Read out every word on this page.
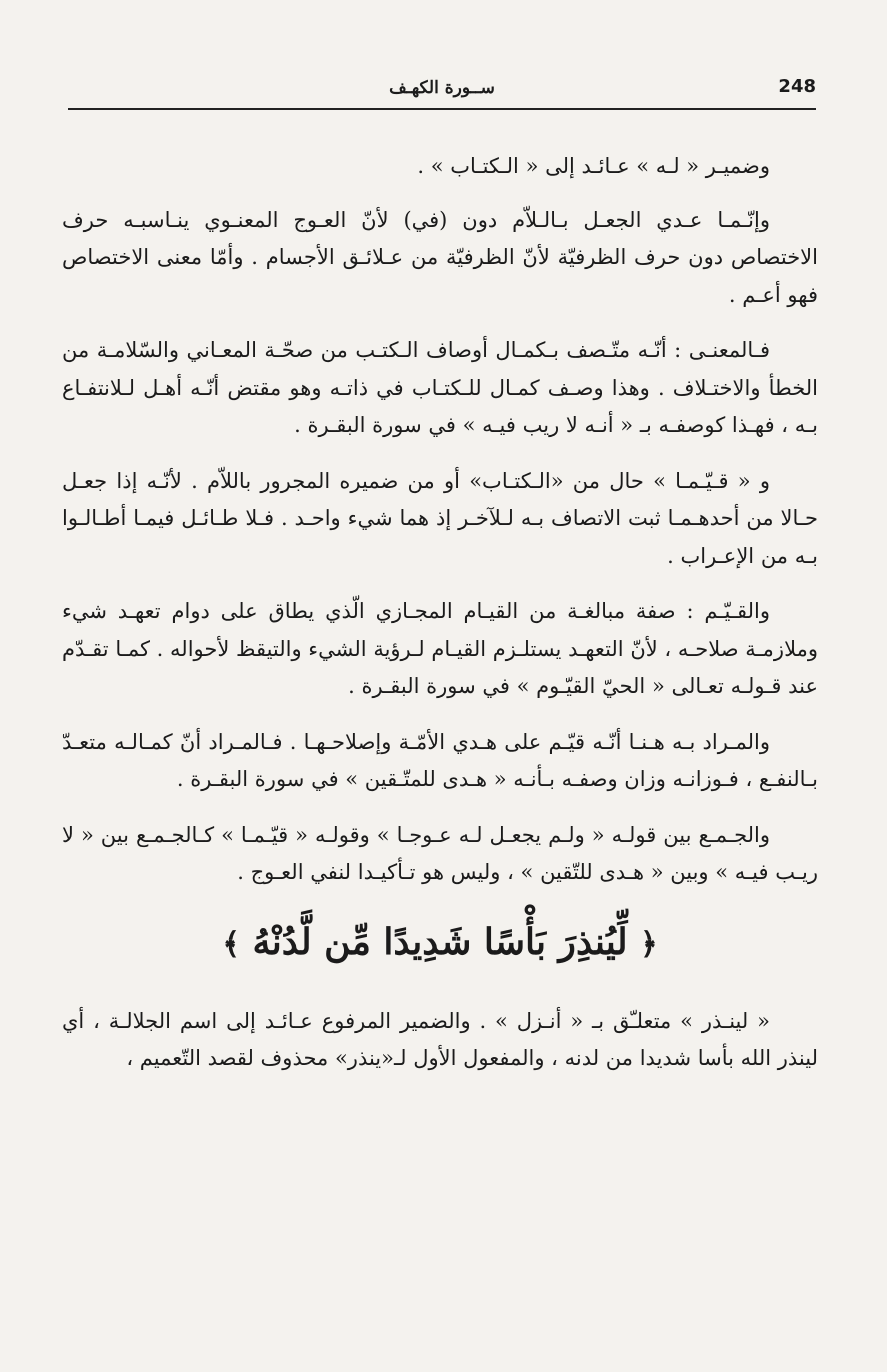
248
ســورة الكهـف

وضميـر « لـه » عـائـد إلى « الـكتـاب » .

وإنّـمـا عـدي الجعـل بـالـلاّم دون (في) لأنّ العـوج المعنـوي ينـاسبـه حرف الاختصاص دون حرف الظرفيّة لأنّ الظرفيّة من عـلائـق الأجسام . وأمّا معنى الاختصاص فهو أعـم .

فـالمعنـى : أنّـه متّـصف بـكمـال أوصاف الـكتـب من صحّـة المعـاني والسّلامـة من الخطأ والاختـلاف . وهذا وصـف كمـال للـكتـاب في ذاتـه وهو مقتض أنّـه أهـل لـلانتفـاع بـه ، فهـذا كوصفـه بـ « أنـه لا ريب فيـه » في سورة البقـرة .

و « قـيّـمـا » حال من «الـكتـاب» أو من ضميره المجرور باللاّم . لأنّـه إذا جعـل حـالا من أحدهـمـا ثبت الاتصاف بـه لـلآخـر إذ هما شيء واحـد . فـلا طـائـل فيمـا أطـالـوا بـه من الإعـراب .

والقـيّـم : صفة مبالغـة من القيـام المجـازي الّذي يطاق على دوام تعهـد شيء وملازمـة صلاحـه ، لأنّ التعهـد يستلـزم القيـام لـرؤية الشيء والتيقظ لأحواله . كمـا تقـدّم عند قـولـه تعـالى « الحيّ القيّـوم » في سورة البقـرة .

والمـراد بـه هـنـا أنّـه قيّـم على هـدي الأمّـة وإصلاحـهـا . فـالمـراد أنّ كمـالـه متعـدّ بـالنفـع ، فـوزانـه وزان وصفـه بـأنـه « هـدى للمتّـقين » في سورة البقـرة .

والجـمـع بين قولـه « ولـم يجعـل لـه عـوجـا » وقولـه « قيّـمـا » كـالجـمـع بين « لا ريـب فيـه » وبين « هـدى للتّقين » ، وليس هو تـأكيـدا لنفي العـوج .

﴿ لِّيُنذِرَ بَأْسًا شَدِيدًا مِّن لَّدُنْهُ ﴾

« لينـذر » متعلـّق بـ « أنـزل » . والضمير المرفوع عـائـد إلى اسم الجلالـة ، أي لينذر الله بأسا شديدا من لدنه ، والمفعول الأول لـ«ينذر» محذوف لقصد التّعميم ،
